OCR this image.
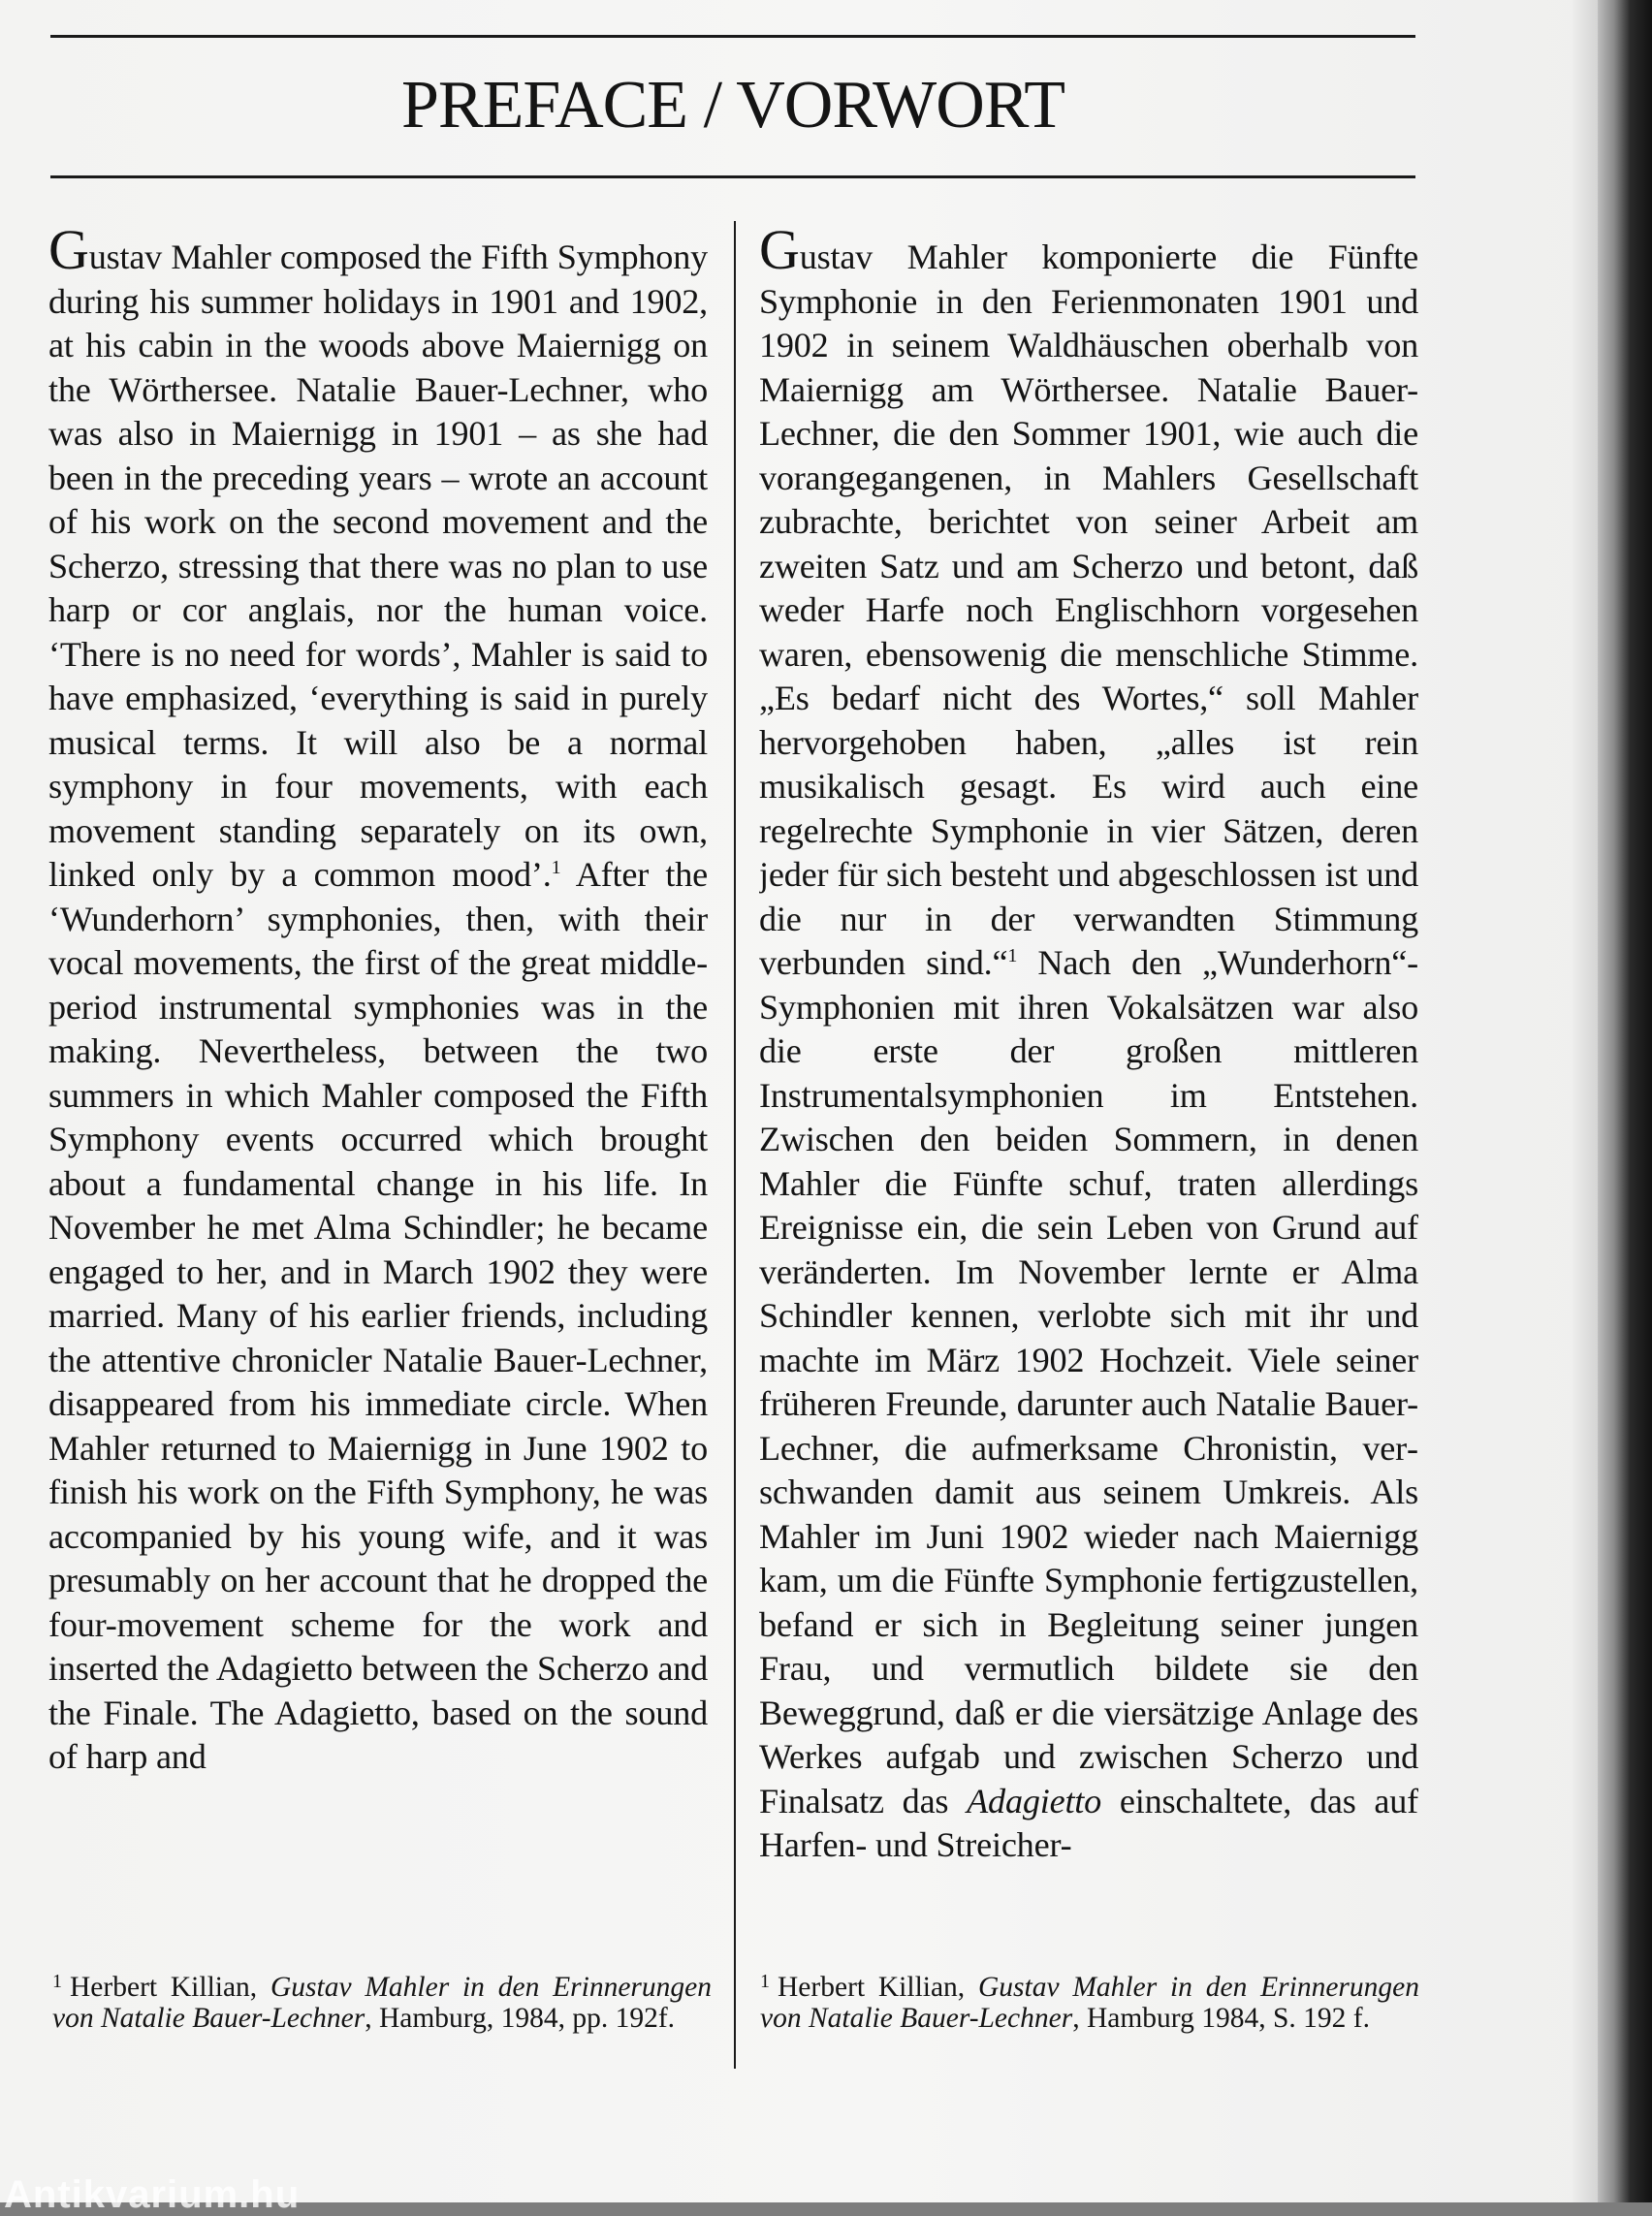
PREFACE / VORWORT

Gustav Mahler composed the Fifth Symphony during his summer holidays in 1901 and 1902, at his cabin in the woods above Maiernigg on the Wörthersee. Natalie Bauer-Lechner, who was also in Maiernigg in 1901 – as she had been in the preceding years – wrote an account of his work on the second movement and the Scherzo, stressing that there was no plan to use harp or cor anglais, nor the human voice. ‘There is no need for words’, Mahler is said to have emphasized, ‘everything is said in purely musical terms. It will also be a normal symphony in four movements, with each movement standing separately on its own, linked only by a common mood’.$^1$ After the ‘Wunderhorn’ symphonies, then, with their vocal movements, the first of the great middle-period instrumental symphonies was in the making. Nevertheless, between the two summers in which Mahler composed the Fifth Symphony events occurred which brought about a fundamental change in his life. In November he met Alma Schindler; he became engaged to her, and in March 1902 they were married. Many of his earlier friends, including the attentive chronicler Natalie Bauer-Lechner, disappeared from his immediate circle. When Mahler returned to Maiernigg in June 1902 to finish his work on the Fifth Symphony, he was accompanied by his young wife, and it was presumably on her account that he dropped the four-movement scheme for the work and inserted the Adagietto between the Scherzo and the Finale. The Adagietto, based on the sound of harp and

Gustav Mahler komponierte die Fünfte Symphonie in den Ferienmonaten 1901 und 1902 in seinem Waldhäuschen oberhalb von Maiernigg am Wörthersee. Natalie Bauer-Lechner, die den Sommer 1901, wie auch die vorangegangenen, in Mahlers Gesellschaft zubrachte, berichtet von seiner Arbeit am zweiten Satz und am Scherzo und betont, daß weder Harfe noch Englischhorn vorgesehen waren, ebensowenig die menschliche Stimme. „Es bedarf nicht des Wortes,“ soll Mahler hervorgehoben haben, „alles ist rein musikalisch gesagt. Es wird auch eine regelrechte Symphonie in vier Sätzen, deren jeder für sich besteht und abgeschlossen ist und die nur in der verwandten Stimmung verbunden sind.“$^1$ Nach den „Wunderhorn“-Symphonien mit ihren Vokalsätzen war also die erste der großen mittleren Instrumentalsymphonien im Entstehen. Zwischen den beiden Sommern, in denen Mahler die Fünfte schuf, traten allerdings Ereignisse ein, die sein Leben von Grund auf veränderten. Im November lernte er Alma Schindler kennen, verlobte sich mit ihr und machte im März 1902 Hochzeit. Viele seiner früheren Freunde, darunter auch Natalie Bauer-Lechner, die aufmerksame Chronistin, verschwanden damit aus seinem Umkreis. Als Mahler im Juni 1902 wieder nach Maiernigg kam, um die Fünfte Symphonie fertigzustellen, befand er sich in Begleitung seiner jungen Frau, und vermutlich bildete sie den Beweggrund, daß er die viersätzige Anlage des Werkes aufgab und zwischen Scherzo und Finalsatz das Adagietto einschaltete, das auf Harfen- und Streicher-

$^1$ Herbert Killian, Gustav Mahler in den Erinnerungen von Natalie Bauer-Lechner, Hamburg, 1984, pp. 192f.
$^1$ Herbert Killian, Gustav Mahler in den Erinnerungen von Natalie Bauer-Lechner, Hamburg 1984, S. 192 f.
Antikvarium.hu
